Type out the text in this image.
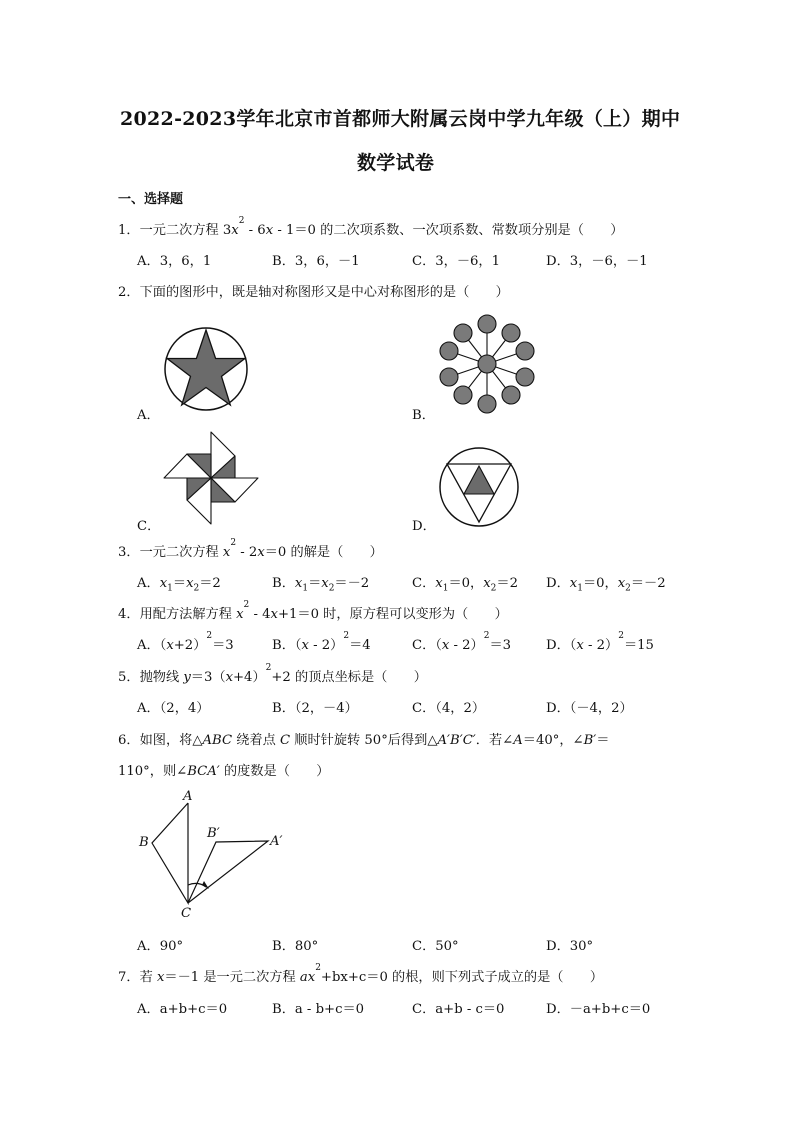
2022-2023学年北京市首都师大附属云岗中学九年级（上）期中
数学试卷
一、选择题
1．一元二次方程 $3x^2 - 6x - 1=0$ 的二次项系数、一次项系数、常数项分别是（　　）
A．3，6，1	B．3，6，－1	C．3，－6，1	D．3，－6，－1
2．下面的图形中，既是轴对称图形又是中心对称图形的是（　　）
A．	B．
C．	D．
3．一元二次方程 $x^2 - 2x=0$ 的解是（　　）
A．$x_1=x_2=2$	B．$x_1=x_2=-2$	C．$x_1=0$，$x_2=2$ D．$x_1=0$，$x_2=-2$
4．用配方法解方程 $x^2 - 4x+1=0$ 时，原方程可以变形为（　　）
A．$(x+2)^2=3$	B．（x - 2）$^2$＝4	C．（x - 2）$^2$＝3	D．（x - 2）$^2$＝15
5．抛物线 $y=3(x+4)^2+2$ 的顶点坐标是（　　）
A．（2，4）	B．（2，－4）	C．（4，2）	D．（－4，2）
6．如图，将△ABC 绕着点 C 顺时针旋转 50°后得到△A′B′C′．若∠A＝40°，∠B′＝
110°，则∠BCA′ 的度数是（　　）
A
B
C
B′
A′
A．90°	B．80°	C．50°	D．30°
7．若 x＝－1 是一元二次方程 $ax^2+bx+c=0$ 的根，则下列式子成立的是（　　）
A．a+b+c＝0	B．a - b+c＝0	C．a+b - c＝0	D．－a+b+c＝0
